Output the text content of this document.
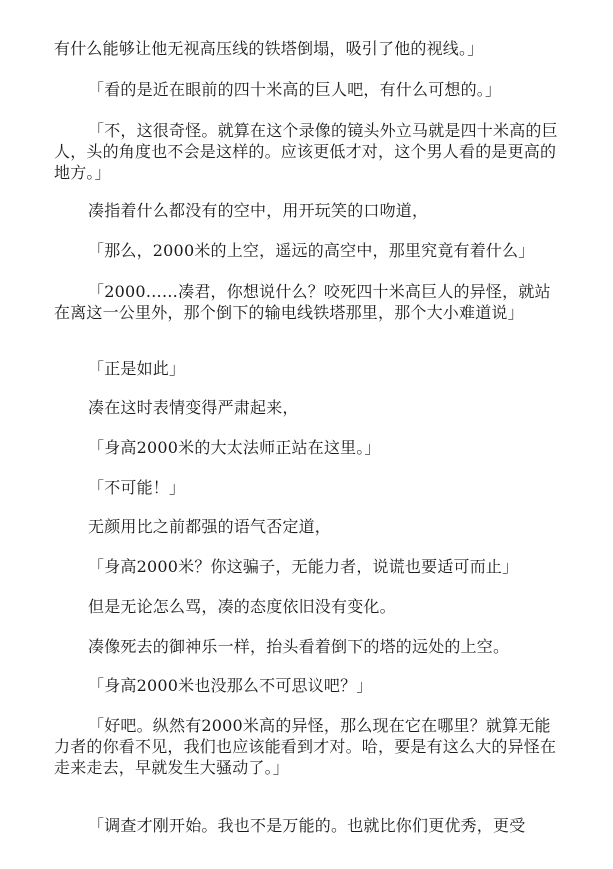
有什么能够让他无视高压线的铁塔倒塌，吸引了他的视线。」

「看的是近在眼前的四十米高的巨人吧，有什么可想的。」

「不，这很奇怪。就算在这个录像的镜头外立马就是四十米高的巨人，头的角度也不会是这样的。应该更低才对，这个男人看的是更高的地方。」

凑指着什么都没有的空中，用开玩笑的口吻道，

「那么，2000米的上空，遥远的高空中，那里究竟有着什么」

「2000……凑君，你想说什么？咬死四十米高巨人的异怪，就站在离这一公里外，那个倒下的输电线铁塔那里，那个大小难道说」

「正是如此」

凑在这时表情变得严肃起来，

「身高2000米的大太法师正站在这里。」

「不可能！」

无颜用比之前都强的语气否定道，

「身高2000米？你这骗子，无能力者，说谎也要适可而止」

但是无论怎么骂，凑的态度依旧没有变化。

凑像死去的御神乐一样，抬头看着倒下的塔的远处的上空。

「身高2000米也没那么不可思议吧？」

「好吧。纵然有2000米高的异怪，那么现在它在哪里？就算无能力者的你看不见，我们也应该能看到才对。哈，要是有这么大的异怪在走来走去，早就发生大骚动了。」

「调查才刚开始。我也不是万能的。也就比你们更优秀，更受
